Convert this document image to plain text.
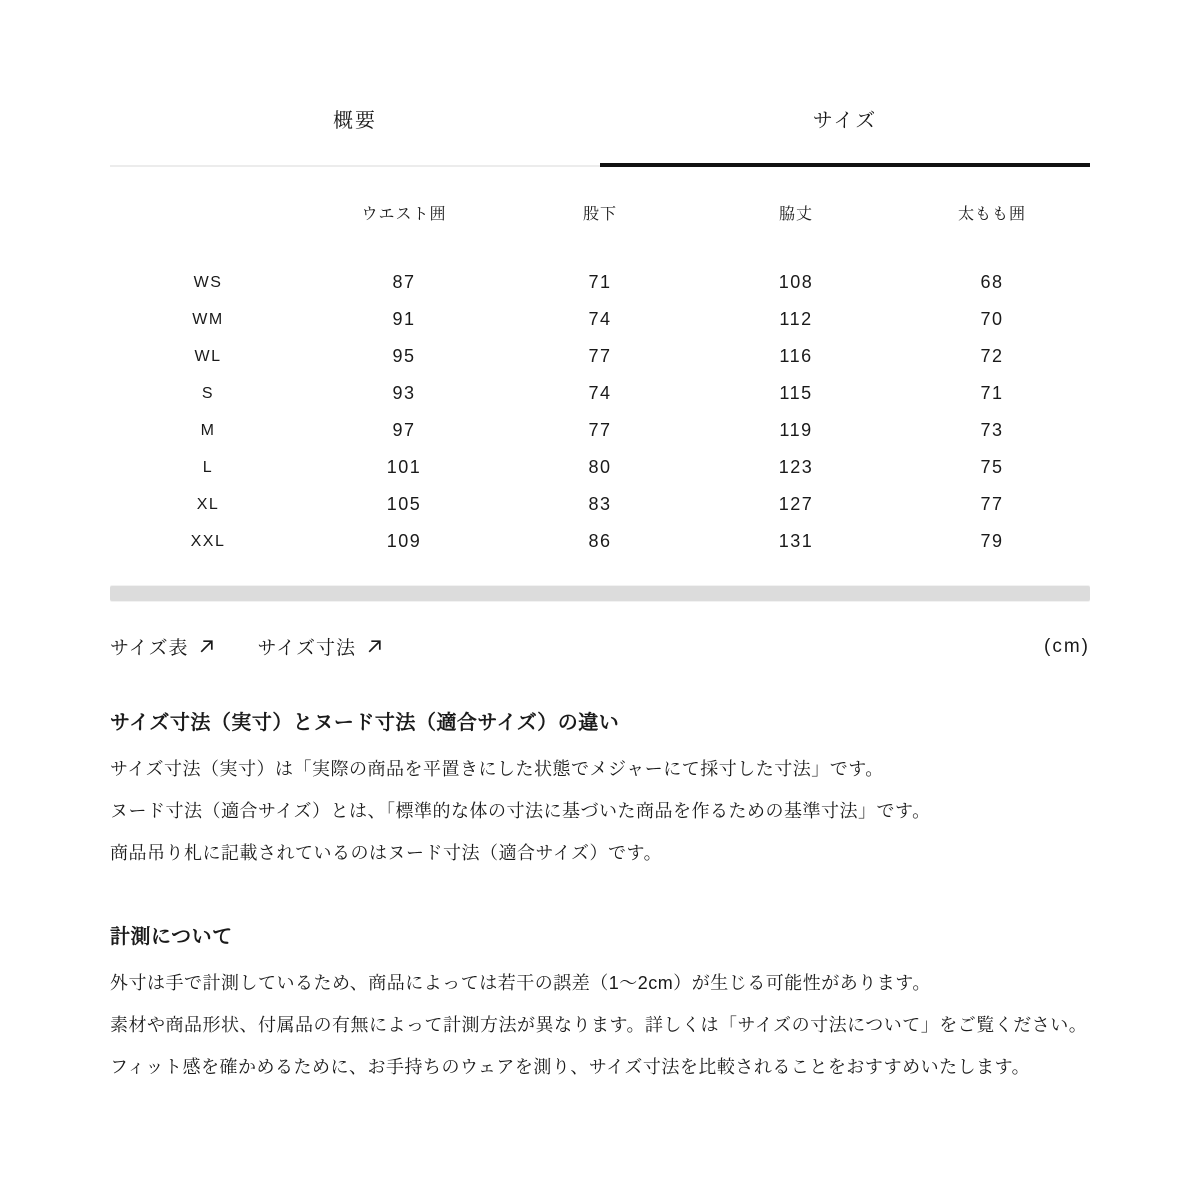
概要	サイズ
	ウエスト囲	股下	脇丈	太もも囲
WS	87	71	108	68
WM	91	74	112	70
WL	95	77	116	72
S	93	74	115	71
M	97	77	119	73
L	101	80	123	75
XL	105	83	127	77
XXL	109	86	131	79
サイズ表	サイズ寸法	(cm)
サイズ寸法（実寸）とヌード寸法（適合サイズ）の違い

サイズ寸法（実寸）は「実際の商品を平置きにした状態でメジャーにて採寸した寸法」です。

ヌード寸法（適合サイズ）とは、「標準的な体の寸法に基づいた商品を作るための基準寸法」です。

商品吊り札に記載されているのはヌード寸法（適合サイズ）です。

計測について

外寸は手で計測しているため、商品によっては若干の誤差（1〜2cm）が生じる可能性があります。

素材や商品形状、付属品の有無によって計測方法が異なります。詳しくは「サイズの寸法について」をご覧ください。

フィット感を確かめるために、お手持ちのウェアを測り、サイズ寸法を比較されることをおすすめいたします。
